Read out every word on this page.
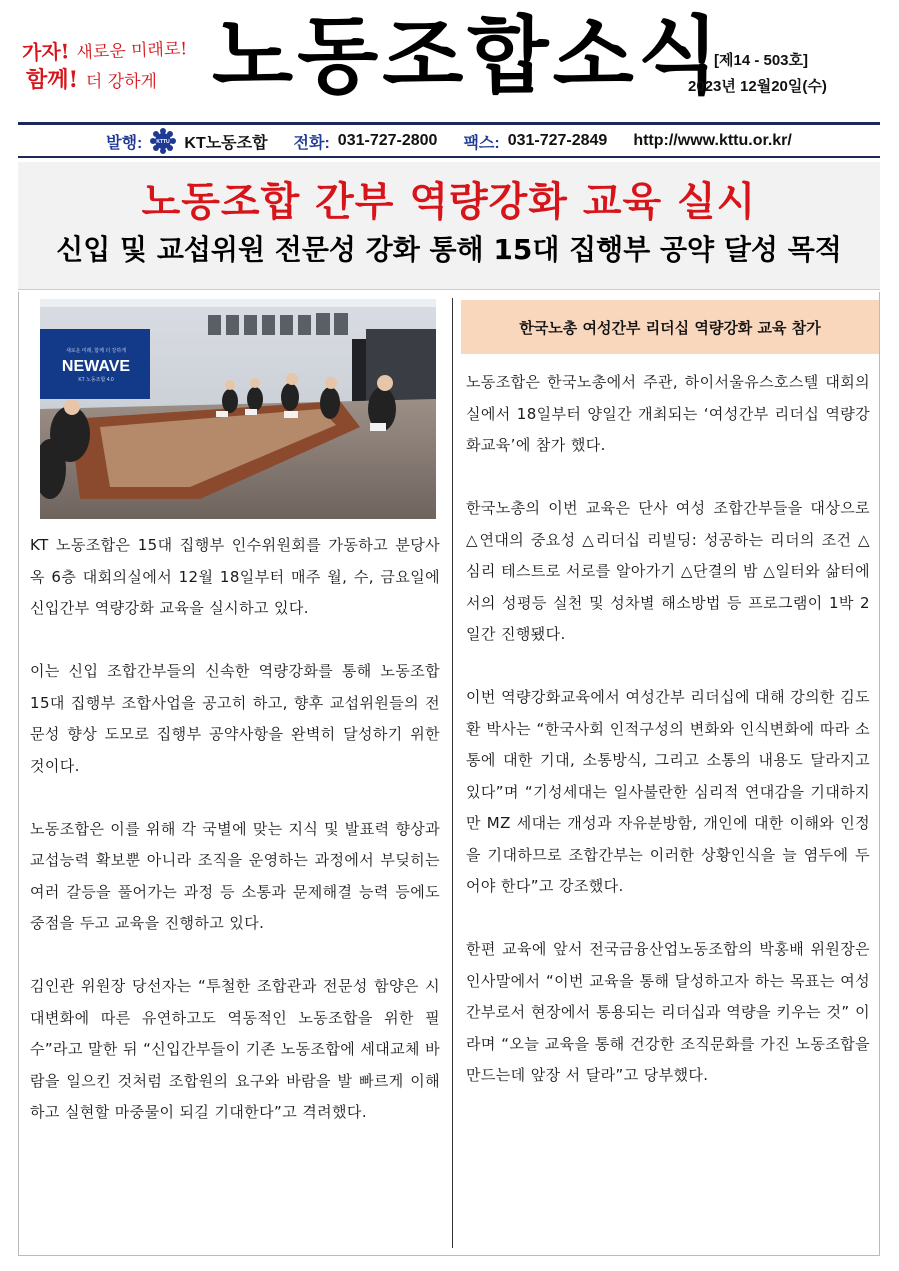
가자! 새로운 미래로!
함께! 더 강하게 노동조합소식
[제14 - 503호]
2023년 12월20일(수)
발행:	KTTU KT노동조합 전화: 031-727-2800 팩스: 031-727-2849 http://www.kttu.or.kr/
노동조합 간부 역량강화 교육 실시
신입 및 교섭위원 전문성 강화 통해 15대 집행부 공약 달성 목적
새로운 미래, 함께 더 강하게
NEWAVE
KT 노동조합 4.0

KT 노동조합은 15대 집행부 인수위원회를 가동하고 분당사옥 6층 대회의실에서 12월 18일부터 매주 월, 수, 금요일에 신입간부 역량강화 교육을 실시하고 있다.

이는 신입 조합간부들의 신속한 역량강화를 통해 노동조합 15대 집행부 조합사업을 공고히 하고, 향후 교섭위원들의 전문성 향상 도모로 집행부 공약사항을 완벽히 달성하기 위한 것이다.

노동조합은 이를 위해 각 국별에 맞는 지식 및 발표력 향상과 교섭능력 확보뿐 아니라 조직을 운영하는 과정에서 부딪히는 여러 갈등을 풀어가는 과정 등 소통과 문제해결 능력 등에도 중점을 두고 교육을 진행하고 있다.

김인관 위원장 당선자는 “투철한 조합관과 전문성 함양은 시대변화에 따른 유연하고도 역동적인 노동조합을 위한 필수”라고 말한 뒤 “신입간부들이 기존 노동조합에 세대교체 바람을 일으킨 것처럼 조합원의 요구와 바람을 발 빠르게 이해하고 실현할 마중물이 되길 기대한다”고 격려했다.

한국노총 여성간부 리더십 역량강화 교육 참가

노동조합은 한국노총에서 주관, 하이서울유스호스텔 대회의실에서 18일부터 양일간 개최되는 ‘여성간부 리더십 역량강화교육’에 참가 했다.

한국노총의 이번 교육은 단사 여성 조합간부들을 대상으로 △연대의 중요성 △리더십 리빌딩: 성공하는 리더의 조건 △심리 테스트로 서로를 알아가기 △단결의 밤 △일터와 삶터에서의 성평등 실천 및 성차별 해소방법 등 프로그램이 1박 2일간 진행됐다.

이번 역량강화교육에서 여성간부 리더십에 대해 강의한 김도환 박사는 “한국사회 인적구성의 변화와 인식변화에 따라 소통에 대한 기대, 소통방식, 그리고 소통의 내용도 달라지고 있다”며 “기성세대는 일사불란한 심리적 연대감을 기대하지만 MZ 세대는 개성과 자유분방함, 개인에 대한 이해와 인정을 기대하므로 조합간부는 이러한 상황인식을 늘 염두에 두어야 한다”고 강조했다.

한편 교육에 앞서 전국금융산업노동조합의 박홍배 위원장은 인사말에서 “이번 교육을 통해 달성하고자 하는 목표는 여성간부로서 현장에서 통용되는 리더십과 역량을 키우는 것” 이라며 “오늘 교육을 통해 건강한 조직문화를 가진 노동조합을 만드는데 앞장 서 달라”고 당부했다.
